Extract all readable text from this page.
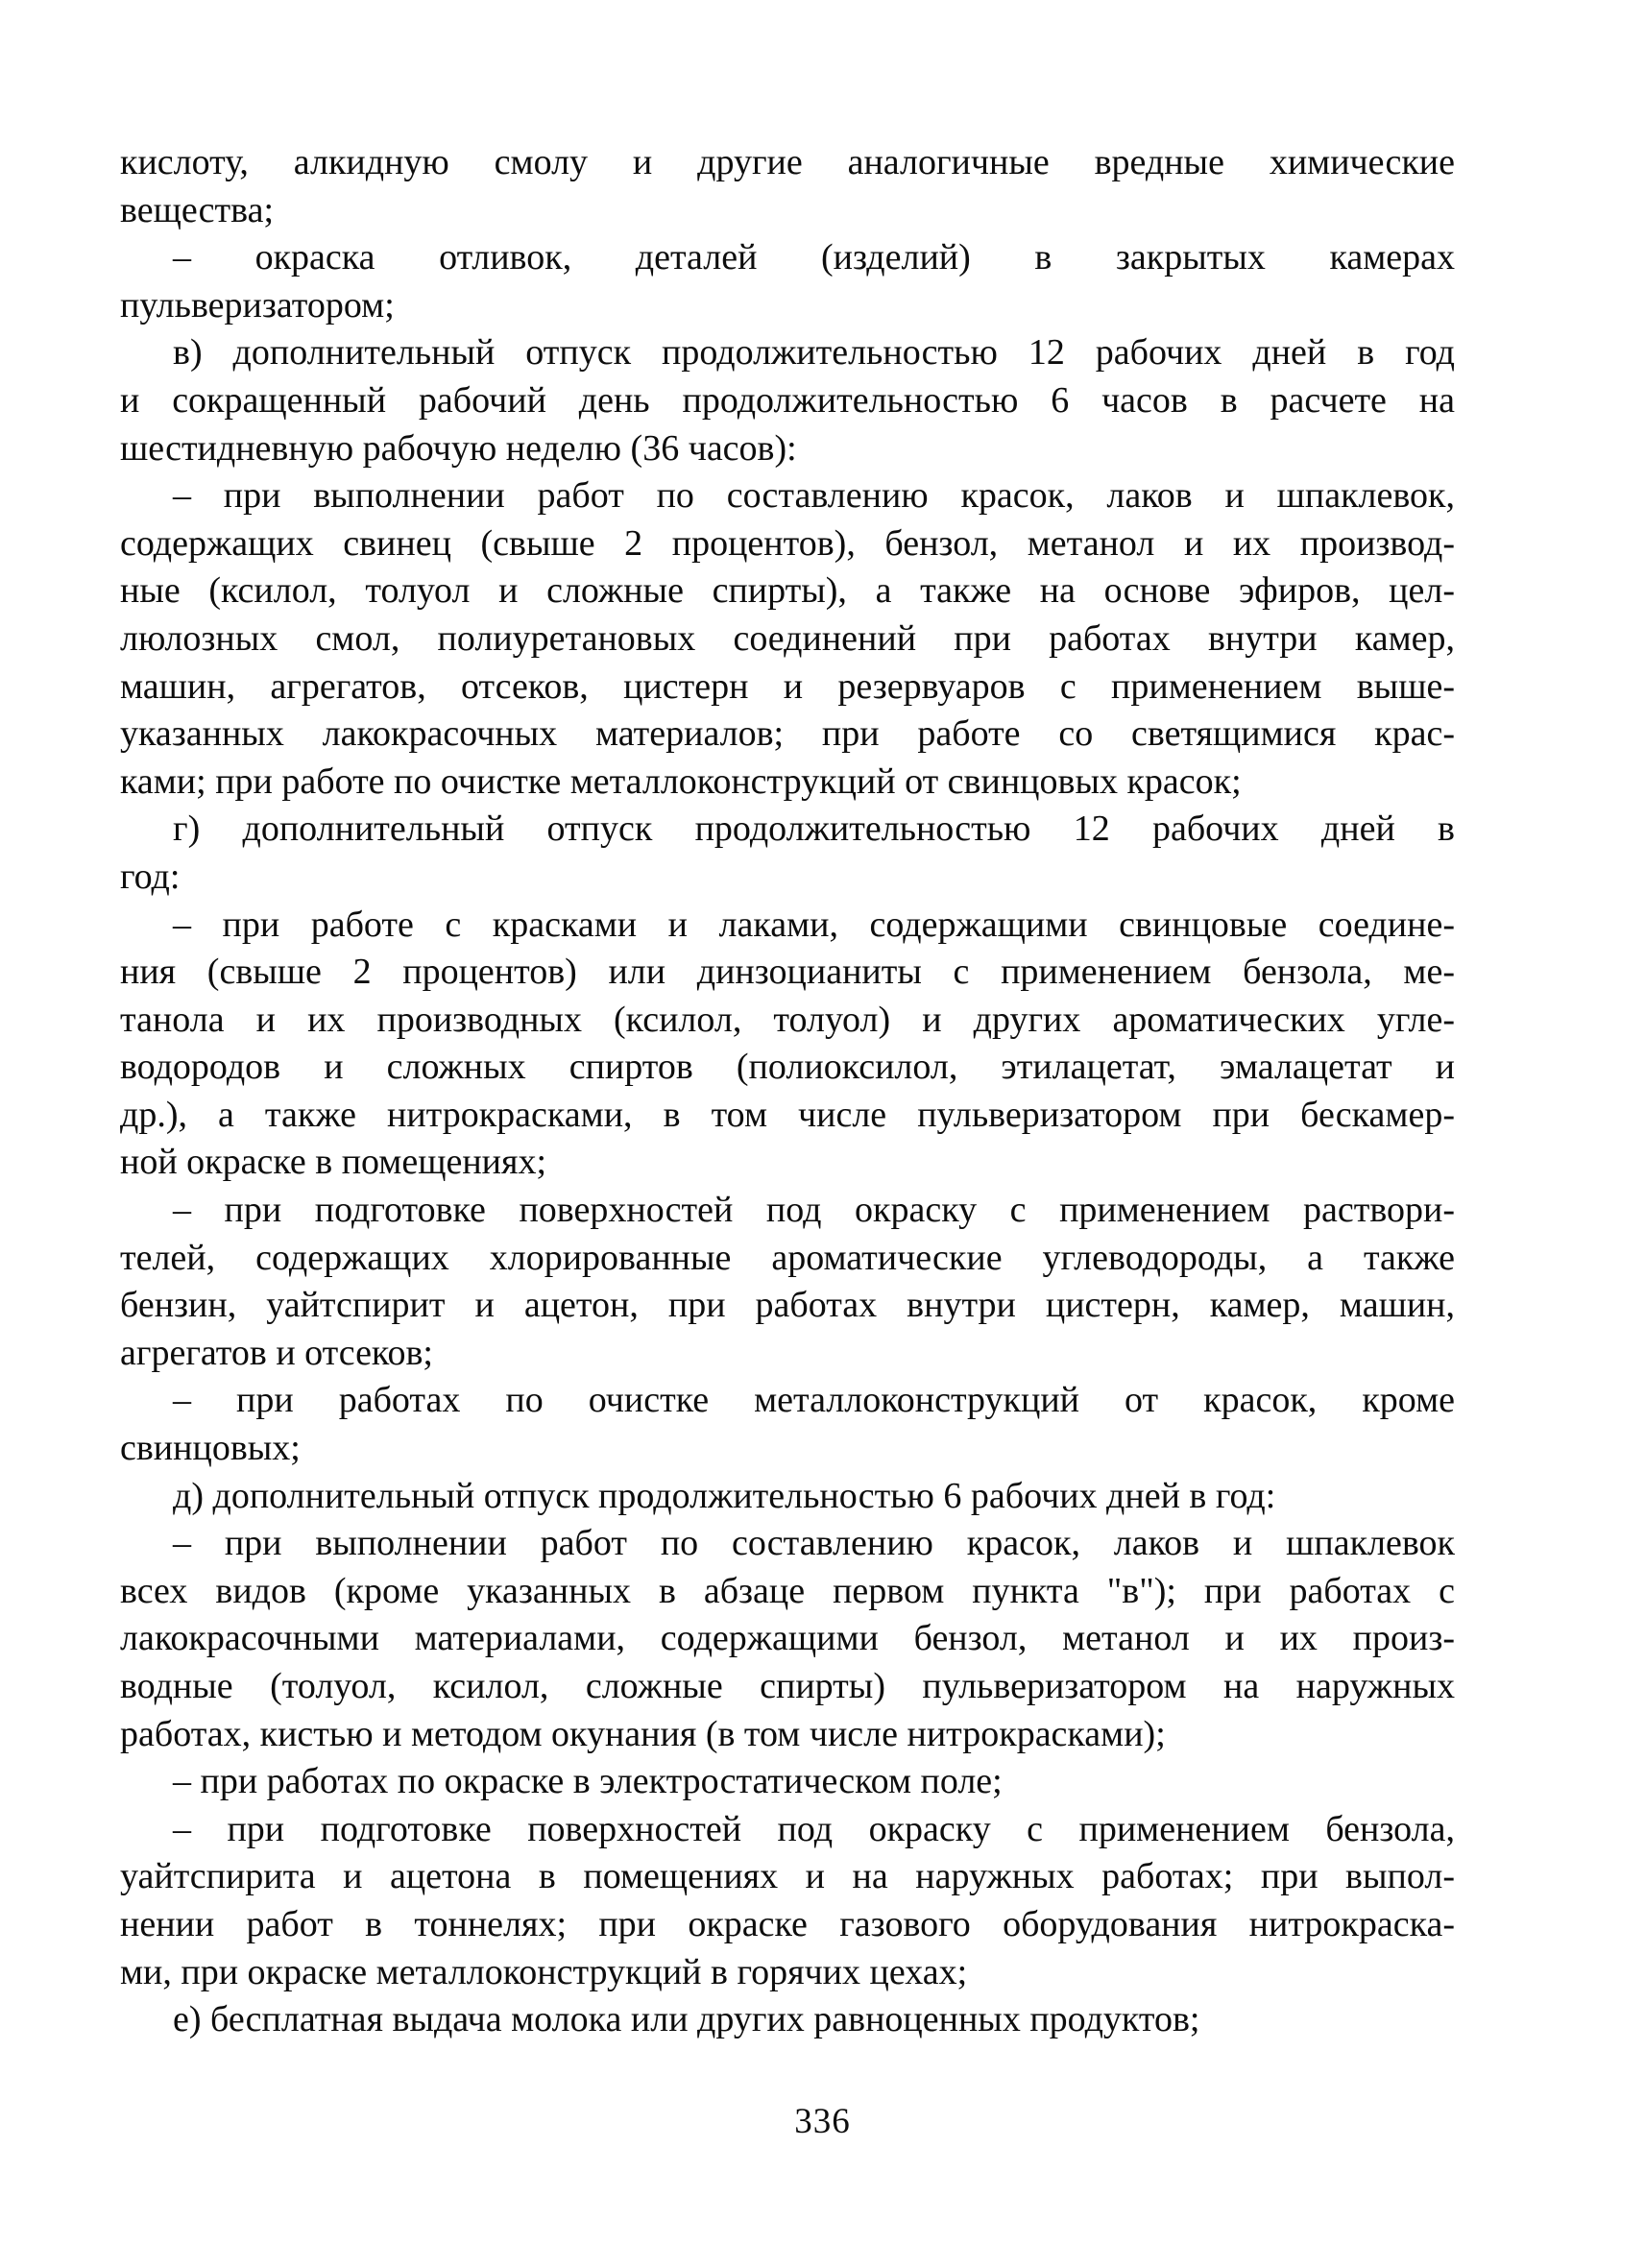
кислоту, алкидную смолу и другие аналогичные вредные химические
вещества;
– окраска отливок, деталей (изделий) в закрытых камерах
пульверизатором;
в) дополнительный отпуск продолжительностью 12 рабочих дней в год
и сокращенный рабочий день продолжительностью 6 часов в расчете на
шестидневную рабочую неделю (36 часов):
– при выполнении работ по составлению красок, лаков и шпаклевок,
содержащих свинец (свыше 2 процентов), бензол, метанол и их производ-
ные (ксилол, толуол и сложные спирты), а также на основе эфиров, цел-
люлозных смол, полиуретановых соединений при работах внутри камер,
машин, агрегатов, отсеков, цистерн и резервуаров с применением выше-
указанных лакокрасочных материалов; при работе со светящимися крас-
ками; при работе по очистке металлоконструкций от свинцовых красок;
г) дополнительный отпуск продолжительностью 12 рабочих дней в
год:
– при работе с красками и лаками, содержащими свинцовые соедине-
ния (свыше 2 процентов) или динзоцианиты с применением бензола, ме-
танола и их производных (ксилол, толуол) и других ароматических угле-
водородов и сложных спиртов (полиоксилол, этилацетат, эмалацетат и
др.), а также нитрокрасками, в том числе пульверизатором при бескамер-
ной окраске в помещениях;
– при подготовке поверхностей под окраску с применением раствори-
телей, содержащих хлорированные ароматические углеводороды, а также
бензин, уайтспирит и ацетон, при работах внутри цистерн, камер, машин,
агрегатов и отсеков;
– при работах по очистке металлоконструкций от красок, кроме
свинцовых;
д) дополнительный отпуск продолжительностью 6 рабочих дней в год:
– при выполнении работ по составлению красок, лаков и шпаклевок
всех видов (кроме указанных в абзаце первом пункта "в"); при работах с
лакокрасочными материалами, содержащими бензол, метанол и их произ-
водные (толуол, ксилол, сложные спирты) пульверизатором на наружных
работах, кистью и методом окунания (в том числе нитрокрасками);
– при работах по окраске в электростатическом поле;
– при подготовке поверхностей под окраску с применением бензола,
уайтспирита и ацетона в помещениях и на наружных работах; при выпол-
нении работ в тоннелях; при окраске газового оборудования нитрокраска-
ми, при окраске металлоконструкций в горячих цехах;
е) бесплатная выдача молока или других равноценных продуктов;
336
